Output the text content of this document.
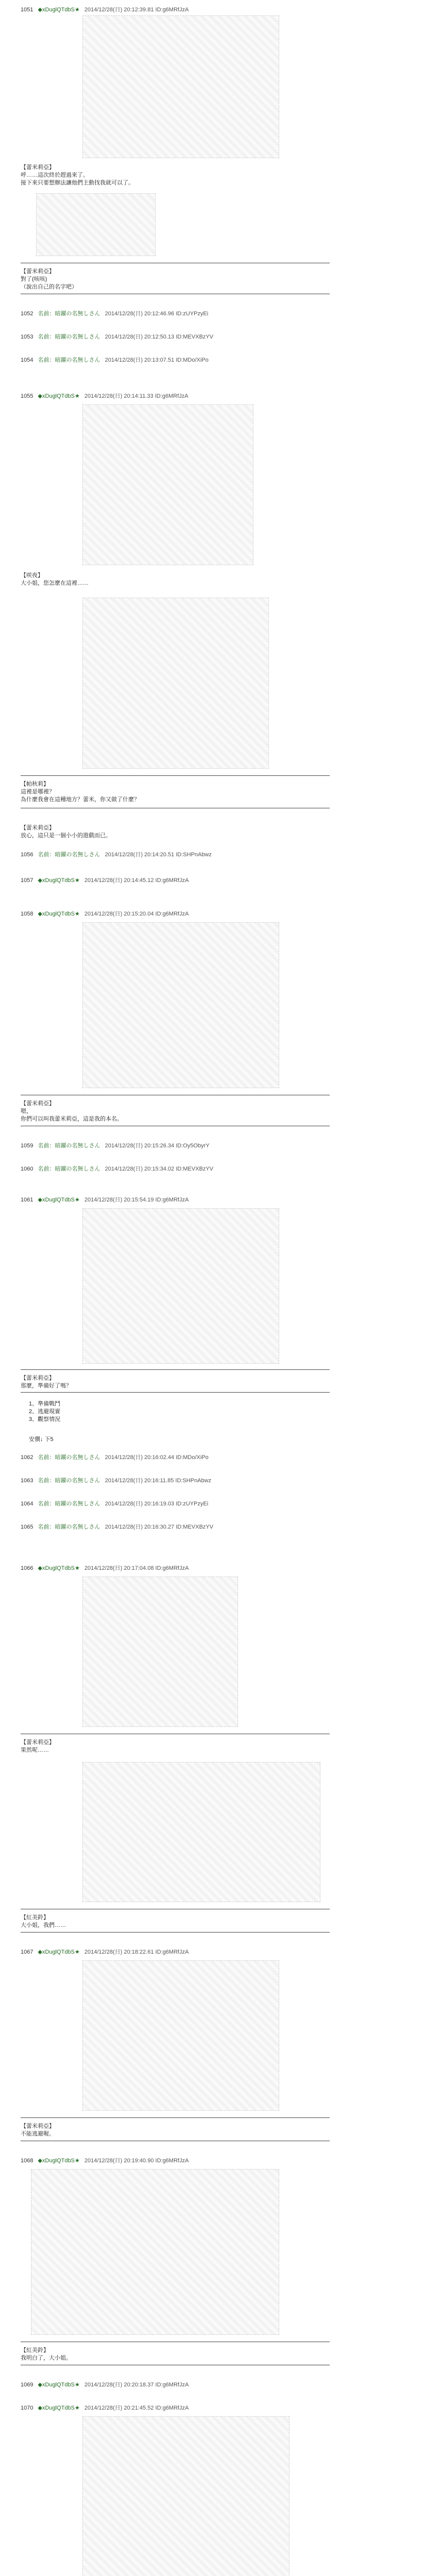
1051 ◆xDuglQTdbS★ 2014/12/28(日) 20:12:39.81 ID:g6MRfJzA
【蕾米莉亞】
呼……這次終於趕過來了。
接下來只要想辦法讓他們主動找我就可以了。
【蕾米莉亞】
對了(咳咳)
（說出自己的名字吧）
1052 名前：暗躍の名無しさん 2014/12/28(日) 20:12:46.96 ID:zUYPzyEi
1053 名前：暗躍の名無しさん 2014/12/28(日) 20:12:50.13 ID:MEVXBzYV
1054 名前：暗躍の名無しさん 2014/12/28(日) 20:13:07.51 ID:MDo/XiPo
1055 ◆xDuglQTdbS★ 2014/12/28(日) 20:14:11.33 ID:g6MRfJzA
【咲夜】
大小姐，您怎麼在這裡……
【帕秋莉】
這裡是哪裡？
為什麼我會在這種地方？蕾米，你又做了什麼？
【蕾米莉亞】
放心，這只是一個小小的遊戲而已。
1056 名前：暗躍の名無しさん 2014/12/28(日) 20:14:20.51 ID:SHPnAbwz
1057 ◆xDuglQTdbS★ 2014/12/28(日) 20:14:45.12 ID:g6MRfJzA
1058 ◆xDuglQTdbS★ 2014/12/28(日) 20:15:20.04 ID:g6MRfJzA
【蕾米莉亞】
嗯，
你們可以叫我蕾米莉亞，這是我的本名。
1059 名前：暗躍の名無しさん 2014/12/28(日) 20:15:26.34 ID:Oy5ObyrY
1060 名前：暗躍の名無しさん 2014/12/28(日) 20:15:34.02 ID:MEVXBzYV
1061 ◆xDuglQTdbS★ 2014/12/28(日) 20:15:54.19 ID:g6MRfJzA
【蕾米莉亞】
那麼，準備好了嗎？
1、準備戰鬥
2、逃避現實
3、觀察情況
安價↓ 下5
1062 名前：暗躍の名無しさん 2014/12/28(日) 20:16:02.44 ID:MDo/XiPo
1063 名前：暗躍の名無しさん 2014/12/28(日) 20:16:11.85 ID:SHPnAbwz
1064 名前：暗躍の名無しさん 2014/12/28(日) 20:16:19.03 ID:zUYPzyEi
1065 名前：暗躍の名無しさん 2014/12/28(日) 20:16:30.27 ID:MEVXBzYV
1066 ◆xDuglQTdbS★ 2014/12/28(日) 20:17:04.08 ID:g6MRfJzA
【蕾米莉亞】
果然呢……
【紅美鈴】
大小姐，我們……
1067 ◆xDuglQTdbS★ 2014/12/28(日) 20:18:22.61 ID:g6MRfJzA
【蕾米莉亞】
不能逃避喔。
1068 ◆xDuglQTdbS★ 2014/12/28(日) 20:19:40.90 ID:g6MRfJzA
【紅美鈴】
我明白了，大小姐。
1069 ◆xDuglQTdbS★ 2014/12/28(日) 20:20:18.37 ID:g6MRfJzA
1070 ◆xDuglQTdbS★ 2014/12/28(日) 20:21:45.52 ID:g6MRfJzA
